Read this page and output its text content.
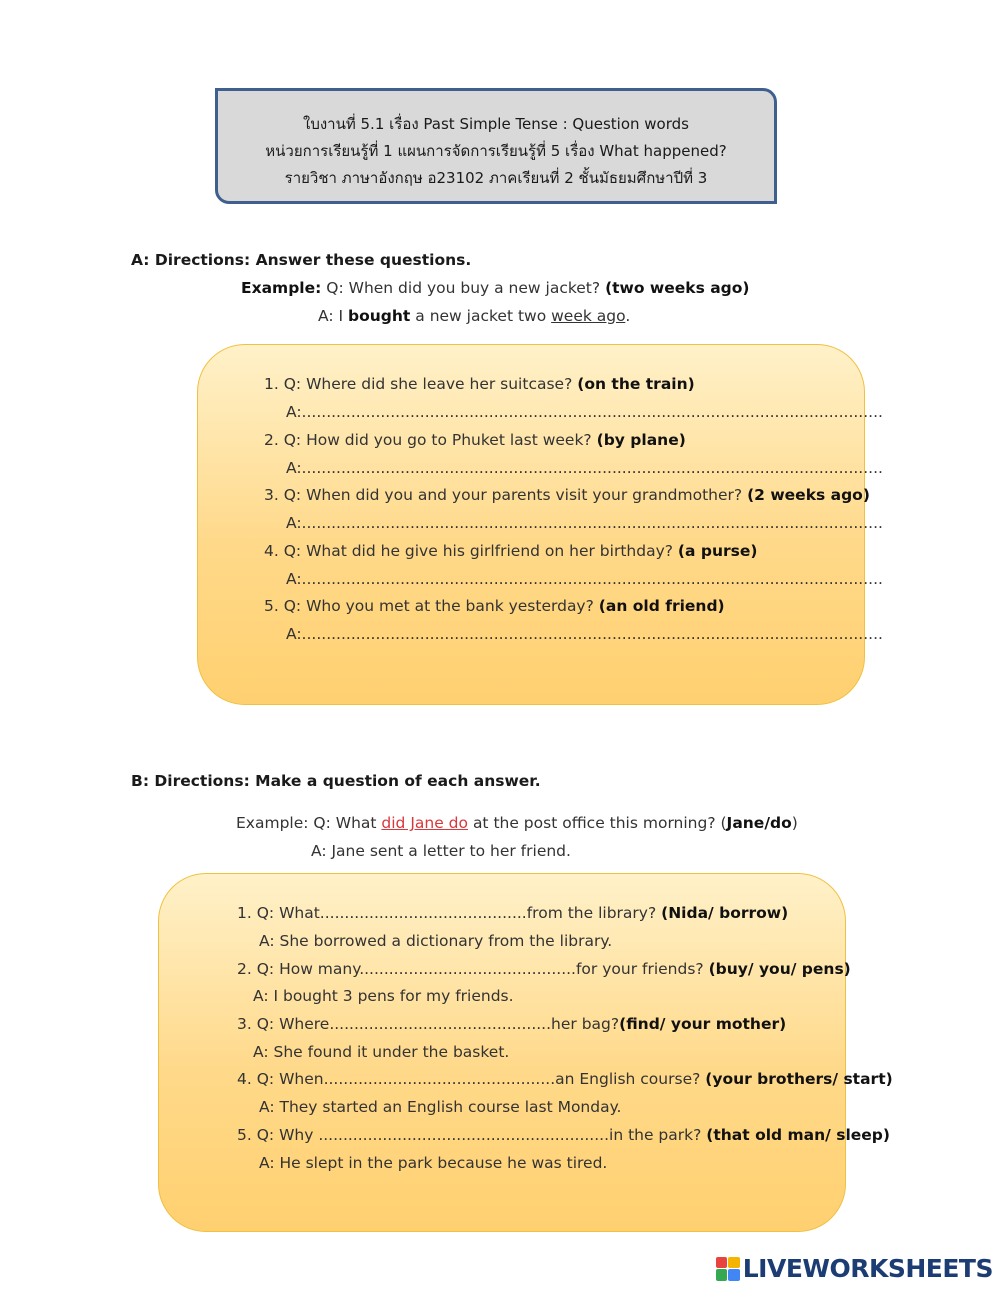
ใบงานที่ 5.1 เรื่อง Past Simple Tense : Question words
หน่วยการเรียนรู้ที่ 1 แผนการจัดการเรียนรู้ที่ 5 เรื่อง What happened?
รายวิชา ภาษาอังกฤษ อ23102 ภาคเรียนที่ 2 ชั้นมัธยมศึกษาปีที่ 3
A: Directions: Answer these questions.
Example: Q: When did you buy a new jacket? (two weeks ago)
A: I bought a new jacket two week ago.
1. Q: Where did she leave her suitcase? (on the train)
A:......................................................................................................................
2. Q: How did you go to Phuket last week? (by plane)
A:......................................................................................................................
3. Q: When did you and your parents visit your grandmother? (2 weeks ago)
A:......................................................................................................................
4. Q: What did he give his girlfriend on her birthday? (a purse)
A:......................................................................................................................
5. Q: Who you met at the bank yesterday? (an old friend)
A:......................................................................................................................
B: Directions: Make a question of each answer.
Example: Q: What did Jane do at the post office this morning? (Jane/do)
A: Jane sent a letter to her friend.
1. Q: What..........................................from the library? (Nida/ borrow)
A: She borrowed a dictionary from the library.
2. Q: How many............................................for your friends? (buy/ you/ pens)
A: I bought 3 pens for my friends.
3. Q: Where.............................................her bag?(find/ your mother)
A: She found it under the basket.
4. Q: When...............................................an English course? (your brothers/ start)
A: They started an English course last Monday.
5. Q: Why ...........................................................in the park? (that old man/ sleep)
A: He slept in the park because he was tired.
LIVEWORKSHEETS
